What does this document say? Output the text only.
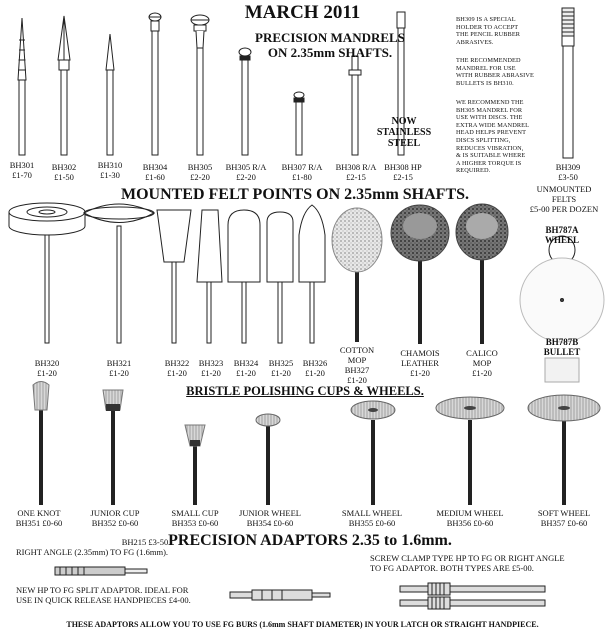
MARCH 2011
PRECISION MANDRELS
ON 2.35mm SHAFTS.
NOW
STAINLESS
STEEL
BH309 IS A SPECIAL
HOLDER TO ACCEPT
THE PENCIL RUBBER
ABRASIVES.
THE RECOMMENDED
MANDREL FOR USE
WITH RUBBER ABRASIVE
BULLETS IS BH310.
WE RECOMMEND THE
BH305 MANDREL FOR
USE WITH DISCS. THE
EXTRA WIDE MANDREL
HEAD HELPS PREVENT
DISCS SPLITTING,
REDUCES VIBRATION,
& IS SUITABLE WHERE
A HIGHER TORQUE IS
REQUIRED.
BH301
£1-70
BH302
£1-50
BH310
£1-30
BH304
£1-60
BH305
£2-20
BH305 R/A
£2-20
BH307 R/A
£1-80
BH308 R/A
£2-15
BH308 HP
£2-15
BH309
£3-50
MOUNTED FELT POINTS ON 2.35mm SHAFTS.	UNMOUNTED
FELTS
£5-00 PER DOZEN
BH787A
WHEEL
BH787B
BULLET
BH320
£1-20
BH321
£1-20
BH322
£1-20
BH323
£1-20
BH324
£1-20
BH325
£1-20
BH326
£1-20
COTTON
MOP
BH327
£1-20
CHAMOIS
LEATHER
£1-20
CALICO
MOP
£1-20
BRISTLE POLISHING CUPS & WHEELS.
ONE KNOT
BH351 £0-60
JUNIOR CUP
BH352 £0-60
SMALL CUP
BH353 £0-60
JUNIOR WHEEL
BH354 £0-60
SMALL WHEEL
BH355 £0-60
MEDIUM WHEEL
BH356 £0-60
SOFT WHEEL
BH357 £0-60
PRECISION ADAPTORS 2.35 to 1.6mm.
BH215 £3-50
RIGHT ANGLE (2.35mm) TO FG (1.6mm).
NEW HP TO FG SPLIT ADAPTOR. IDEAL FOR
USE IN QUICK RELEASE HANDPIECES £4-00.
SCREW CLAMP TYPE HP TO FG OR RIGHT ANGLE
TO FG ADAPTOR. BOTH TYPES ARE £5-00.
THESE ADAPTORS ALLOW YOU TO USE FG BURS (1.6mm SHAFT DIAMETER) IN YOUR LATCH OR STRAIGHT HANDPIECE.
